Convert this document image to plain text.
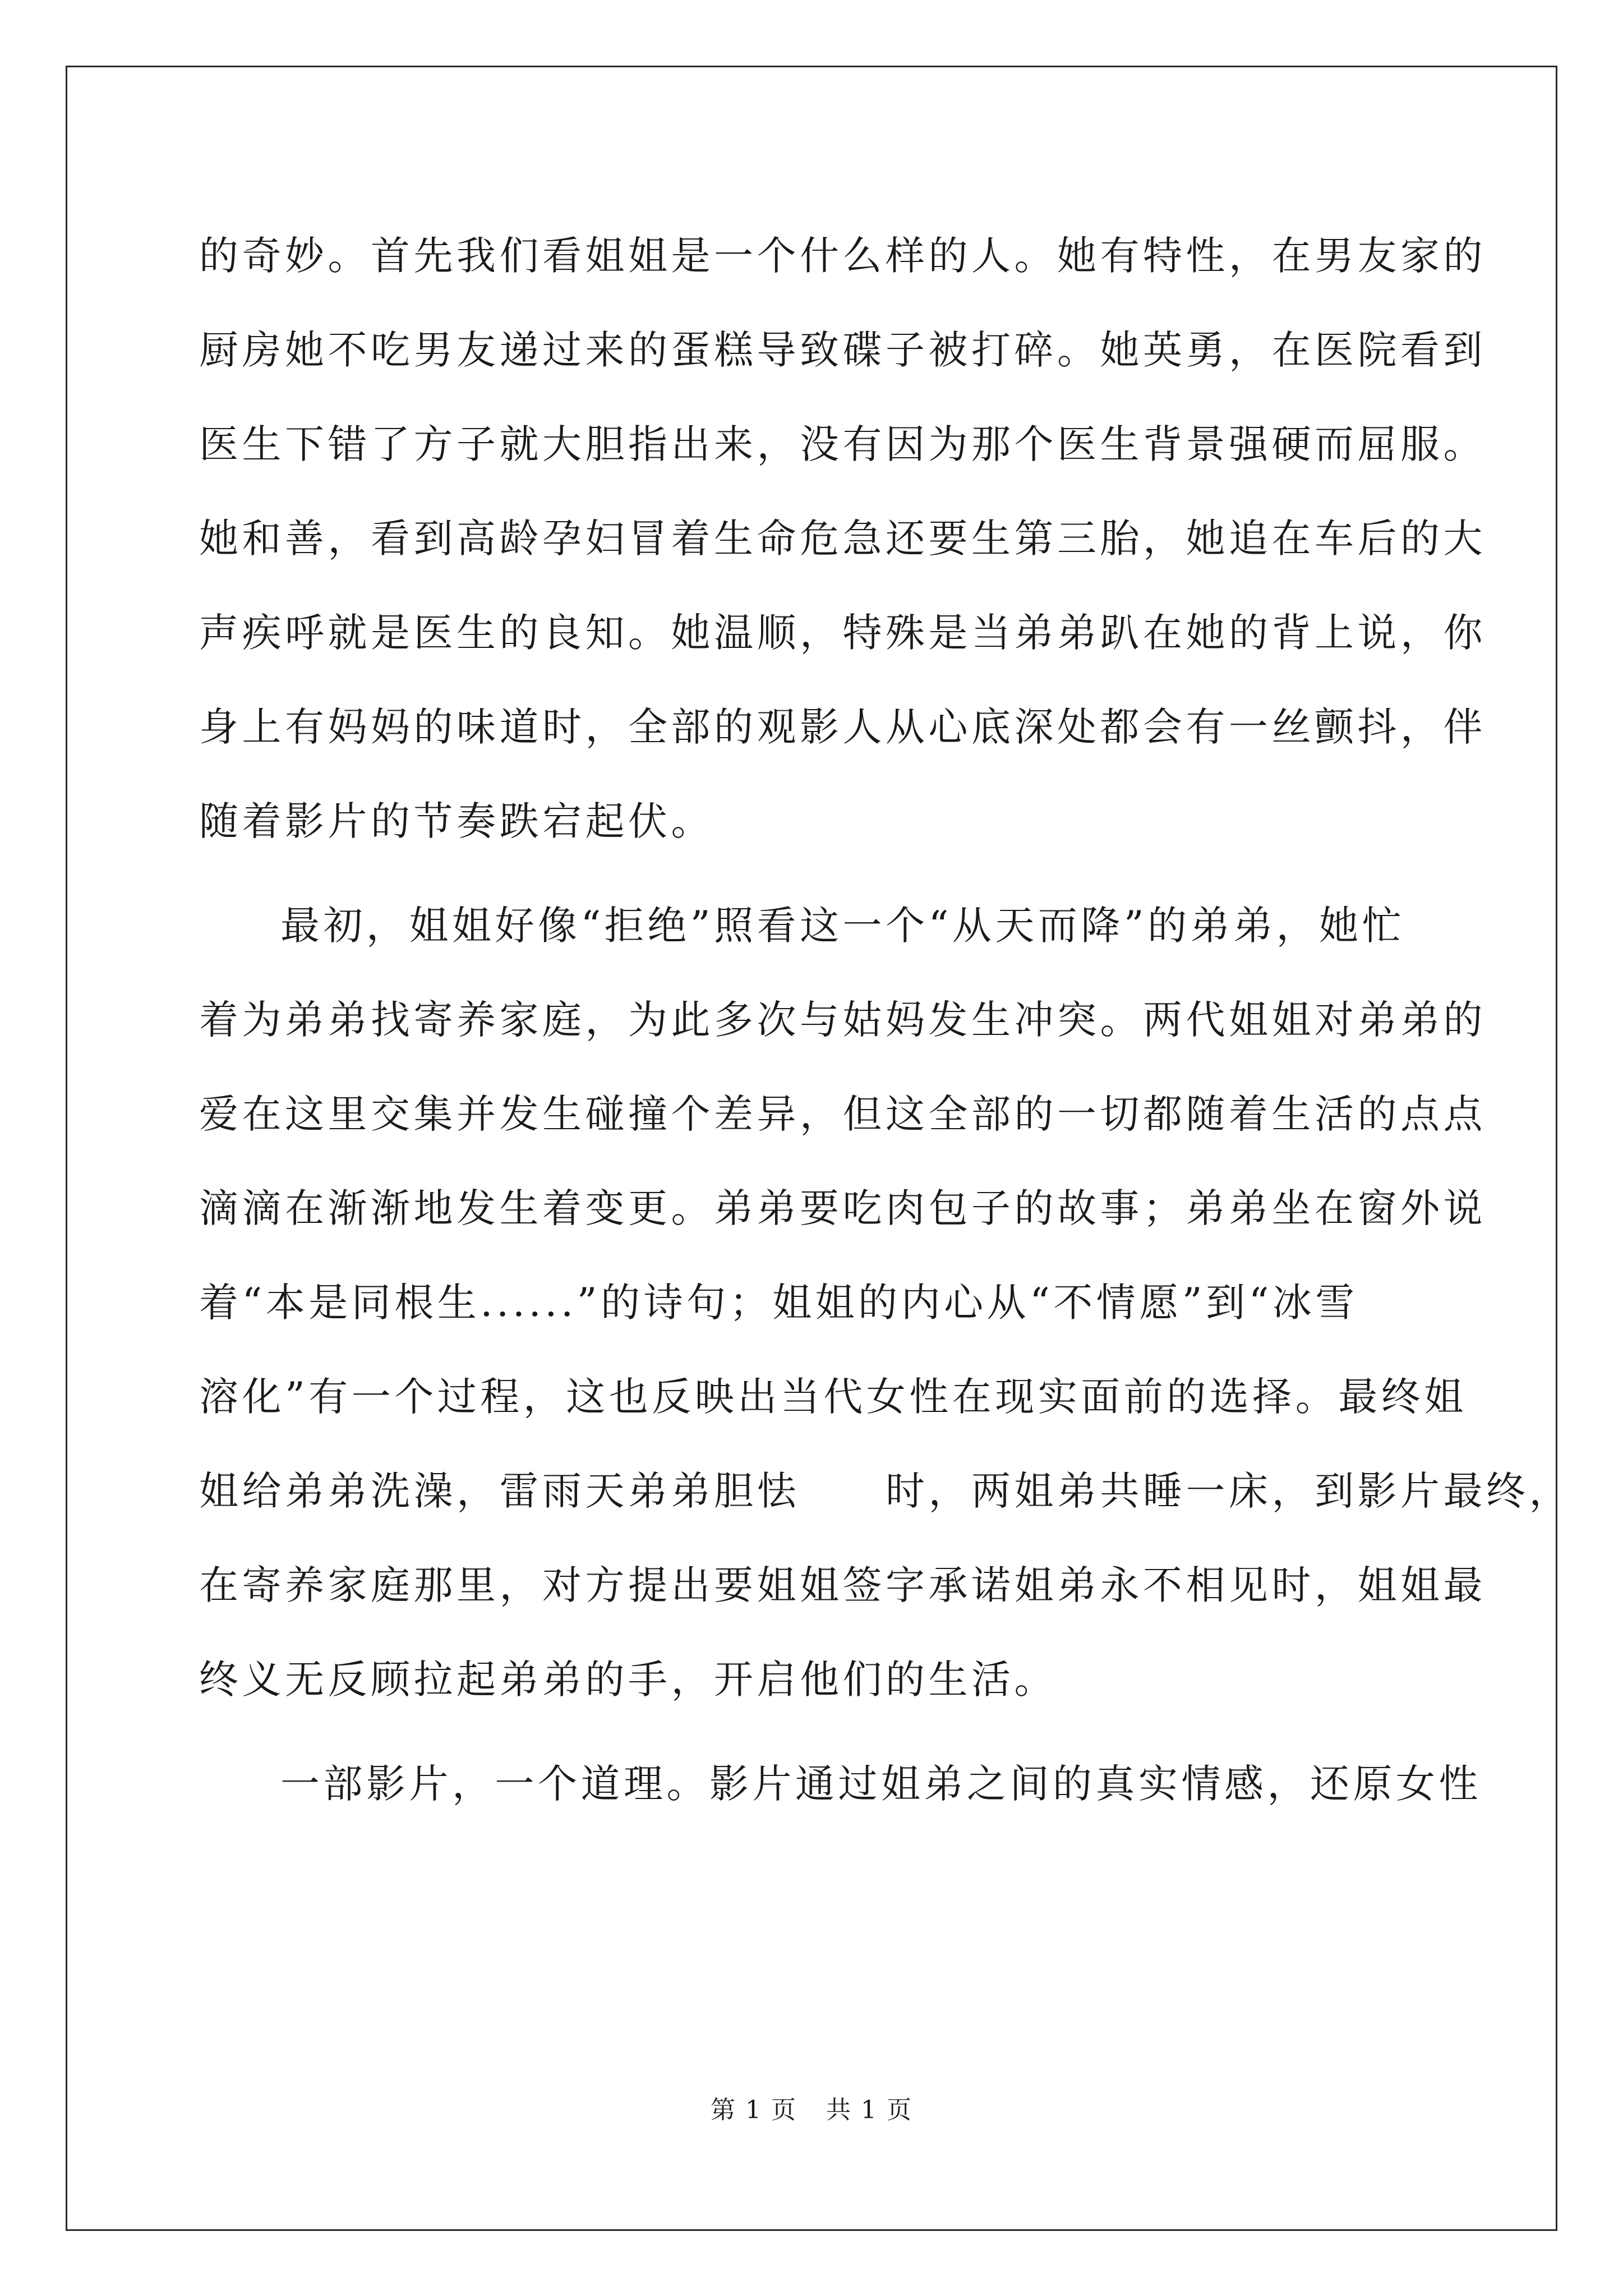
的奇妙。首先我们看姐姐是一个什么样的人。她有特性，在男友家的
厨房她不吃男友递过来的蛋糕导致碟子被打碎。她英勇，在医院看到
医生下错了方子就大胆指出来，没有因为那个医生背景强硬而屈服。
她和善，看到高龄孕妇冒着生命危急还要生第三胎，她追在车后的大
声疾呼就是医生的良知。她温顺，特殊是当弟弟趴在她的背上说，你
身上有妈妈的味道时，全部的观影人从心底深处都会有一丝颤抖，伴
随着影片的节奏跌宕起伏。
最初，姐姐好像“拒绝”照看这一个“从天而降”的弟弟，她忙
着为弟弟找寄养家庭，为此多次与姑妈发生冲突。两代姐姐对弟弟的
爱在这里交集并发生碰撞个差异，但这全部的一切都随着生活的点点
滴滴在渐渐地发生着变更。弟弟要吃肉包子的故事；弟弟坐在窗外说
着“本是同根生......”的诗句；姐姐的内心从“不情愿”到“冰雪
溶化”有一个过程，这也反映出当代女性在现实面前的选择。最终姐
姐给弟弟洗澡，雷雨天弟弟胆怯　　时，两姐弟共睡一床，到影片最终，
在寄养家庭那里，对方提出要姐姐签字承诺姐弟永不相见时，姐姐最
终义无反顾拉起弟弟的手，开启他们的生活。
一部影片，一个道理。影片通过姐弟之间的真实情感，还原女性
第 1 页 共 1 页
